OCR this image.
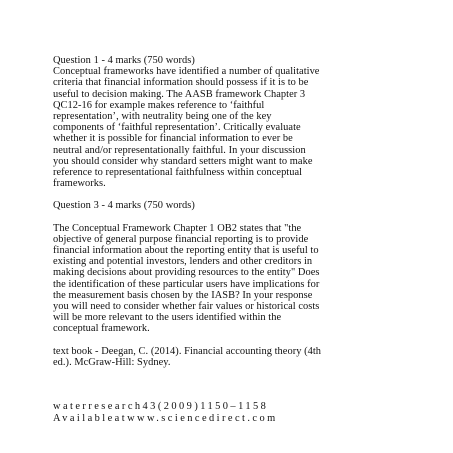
Question 1 - 4 marks (750 words)
Conceptual frameworks have identified a number of qualitative
criteria that financial information should possess if it is to be
useful to decision making. The AASB framework Chapter 3
QC12-16 for example makes reference to ‘faithful
representation’, with neutrality being one of the key
components of ‘faithful representation’. Critically evaluate
whether it is possible for financial information to ever be
neutral and/or representationally faithful. In your discussion
you should consider why standard setters might want to make
reference to representational faithfulness within conceptual
frameworks.
Question 3 - 4 marks (750 words)
The Conceptual Framework Chapter 1 OB2 states that "the
objective of general purpose financial reporting is to provide
financial information about the reporting entity that is useful to
existing and potential investors, lenders and other creditors in
making decisions about providing resources to the entity" Does
the identification of these particular users have implications for
the measurement basis chosen by the IASB? In your response
you will need to consider whether fair values or historical costs
will be more relevant to the users identified within the
conceptual framework.
text book - Deegan, C. (2014). Financial accounting theory (4th
ed.). McGraw-Hill: Sydney.
waterresearch43(2009)1150–1158
Availableatwww.sciencedirect.com
